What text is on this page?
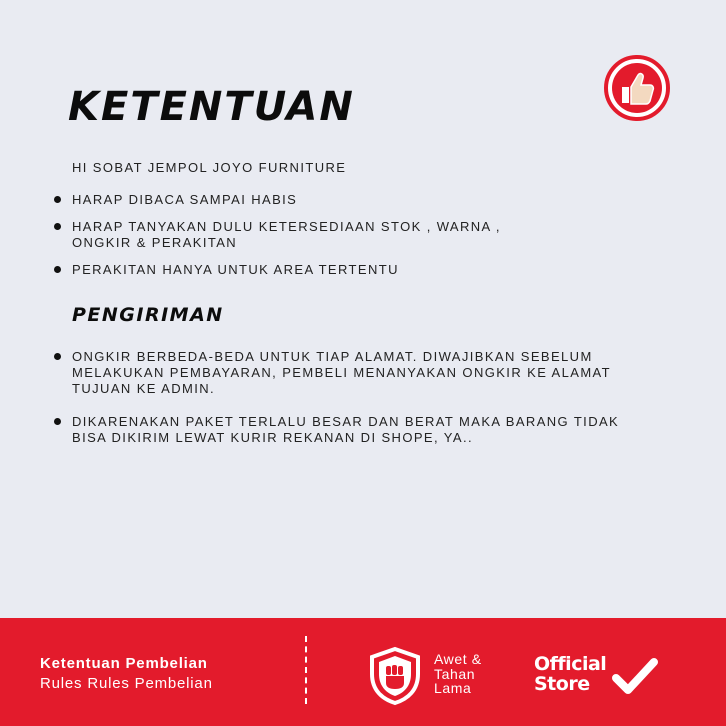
KETENTUAN
HI SOBAT JEMPOL JOYO FURNITURE
HARAP DIBACA SAMPAI HABIS
HARAP TANYAKAN DULU KETERSEDIAAN STOK , WARNA ,
ONGKIR & PERAKITAN
PERAKITAN HANYA UNTUK AREA TERTENTU
PENGIRIMAN
ONGKIR BERBEDA-BEDA UNTUK TIAP ALAMAT. DIWAJIBKAN SEBELUM
MELAKUKAN PEMBAYARAN, PEMBELI MENANYAKAN ONGKIR KE ALAMAT
TUJUAN KE ADMIN.
DIKARENAKAN PAKET TERLALU BESAR DAN BERAT MAKA BARANG TIDAK
BISA DIKIRIM LEWAT KURIR REKANAN DI SHOPE, YA..
Ketentuan Pembelian
Rules Rules Pembelian
Awet &
Tahan
Lama
Official
Store
